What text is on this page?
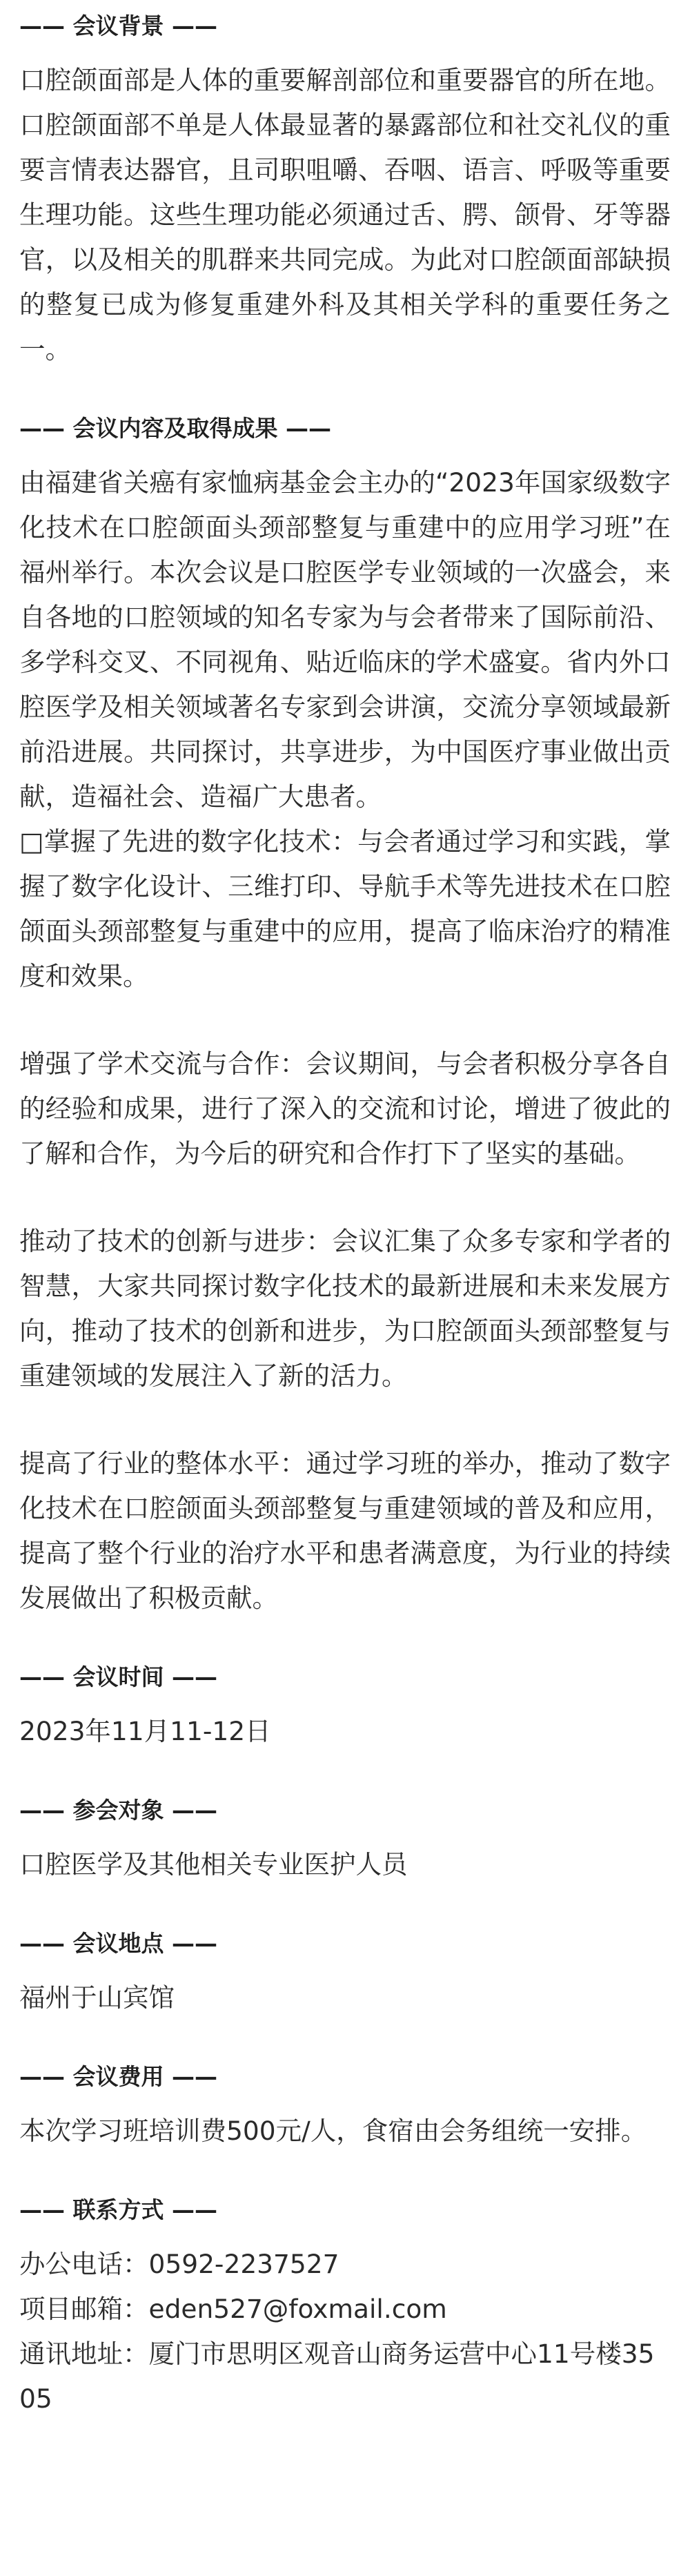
—— 会议背景 ——

口腔颌面部是人体的重要解剖部位和重要器官的所在地。口腔颌面部不单是人体最显著的暴露部位和社交礼仪的重要言情表达器官，且司职咀嚼、吞咽、语言、呼吸等重要生理功能。这些生理功能必须通过舌、腭、颌骨、牙等器官，以及相关的肌群来共同完成。为此对口腔颌面部缺损的整复已成为修复重建外科及其相关学科的重要任务之一。

—— 会议内容及取得成果 ——

由福建省关癌有家恤病基金会主办的“2023年国家级数字化技术在口腔颌面头颈部整复与重建中的应用学习班”在福州举行。本次会议是口腔医学专业领域的一次盛会，来自各地的口腔领域的知名专家为与会者带来了国际前沿、多学科交叉、不同视角、贴近临床的学术盛宴。省内外口腔医学及相关领域著名专家到会讲演，交流分享领域最新前沿进展。共同探讨，共享进步，为中国医疗事业做出贡献，造福社会、造福广大患者。

□掌握了先进的数字化技术：与会者通过学习和实践，掌握了数字化设计、三维打印、导航手术等先进技术在口腔颌面头颈部整复与重建中的应用，提高了临床治疗的精准度和效果。

增强了学术交流与合作：会议期间，与会者积极分享各自的经验和成果，进行了深入的交流和讨论，增进了彼此的了解和合作，为今后的研究和合作打下了坚实的基础。

推动了技术的创新与进步：会议汇集了众多专家和学者的智慧，大家共同探讨数字化技术的最新进展和未来发展方向，推动了技术的创新和进步，为口腔颌面头颈部整复与重建领域的发展注入了新的活力。

提高了行业的整体水平：通过学习班的举办，推动了数字化技术在口腔颌面头颈部整复与重建领域的普及和应用，提高了整个行业的治疗水平和患者满意度，为行业的持续发展做出了积极贡献。

—— 会议时间 ——

2023年11月11-12日

—— 参会对象 ——

口腔医学及其他相关专业医护人员

—— 会议地点 ——

福州于山宾馆

—— 会议费用 ——

本次学习班培训费500元/人，食宿由会务组统一安排。

—— 联系方式 ——
办公电话：0592-2237527
项目邮箱：eden527@foxmail.com
通讯地址：厦门市思明区观音山商务运营中心11号楼3505
